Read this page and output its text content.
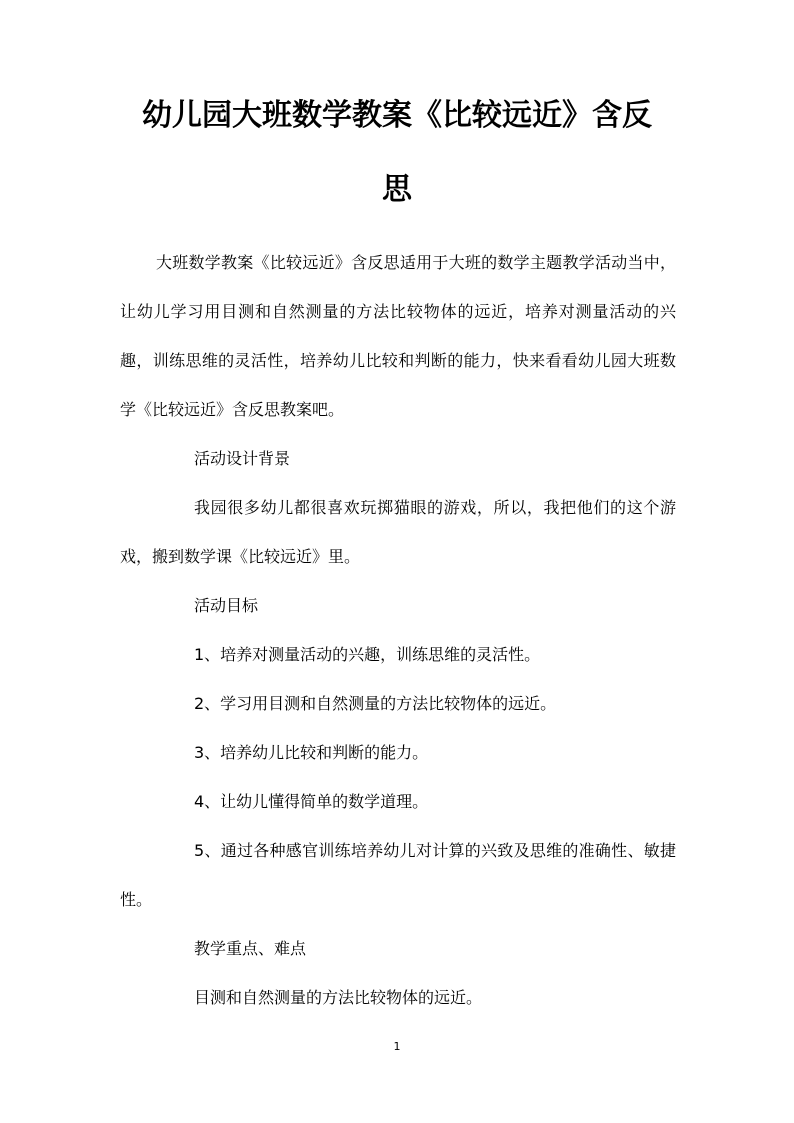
幼儿园大班数学教案《比较远近》含反
思

大班数学教案《比较远近》含反思适用于大班的数学主题教学活动当中，让幼儿学习用目测和自然测量的方法比较物体的远近，培养对测量活动的兴趣，训练思维的灵活性，培养幼儿比较和判断的能力，快来看看幼儿园大班数学《比较远近》含反思教案吧。

活动设计背景

我园很多幼儿都很喜欢玩掷猫眼的游戏，所以，我把他们的这个游戏，搬到数学课《比较远近》里。

活动目标

1、培养对测量活动的兴趣，训练思维的灵活性。

2、学习用目测和自然测量的方法比较物体的远近。

3、培养幼儿比较和判断的能力。

4、让幼儿懂得简单的数学道理。

5、通过各种感官训练培养幼儿对计算的兴致及思维的准确性、敏捷性。

教学重点、难点

目测和自然测量的方法比较物体的远近。

1
